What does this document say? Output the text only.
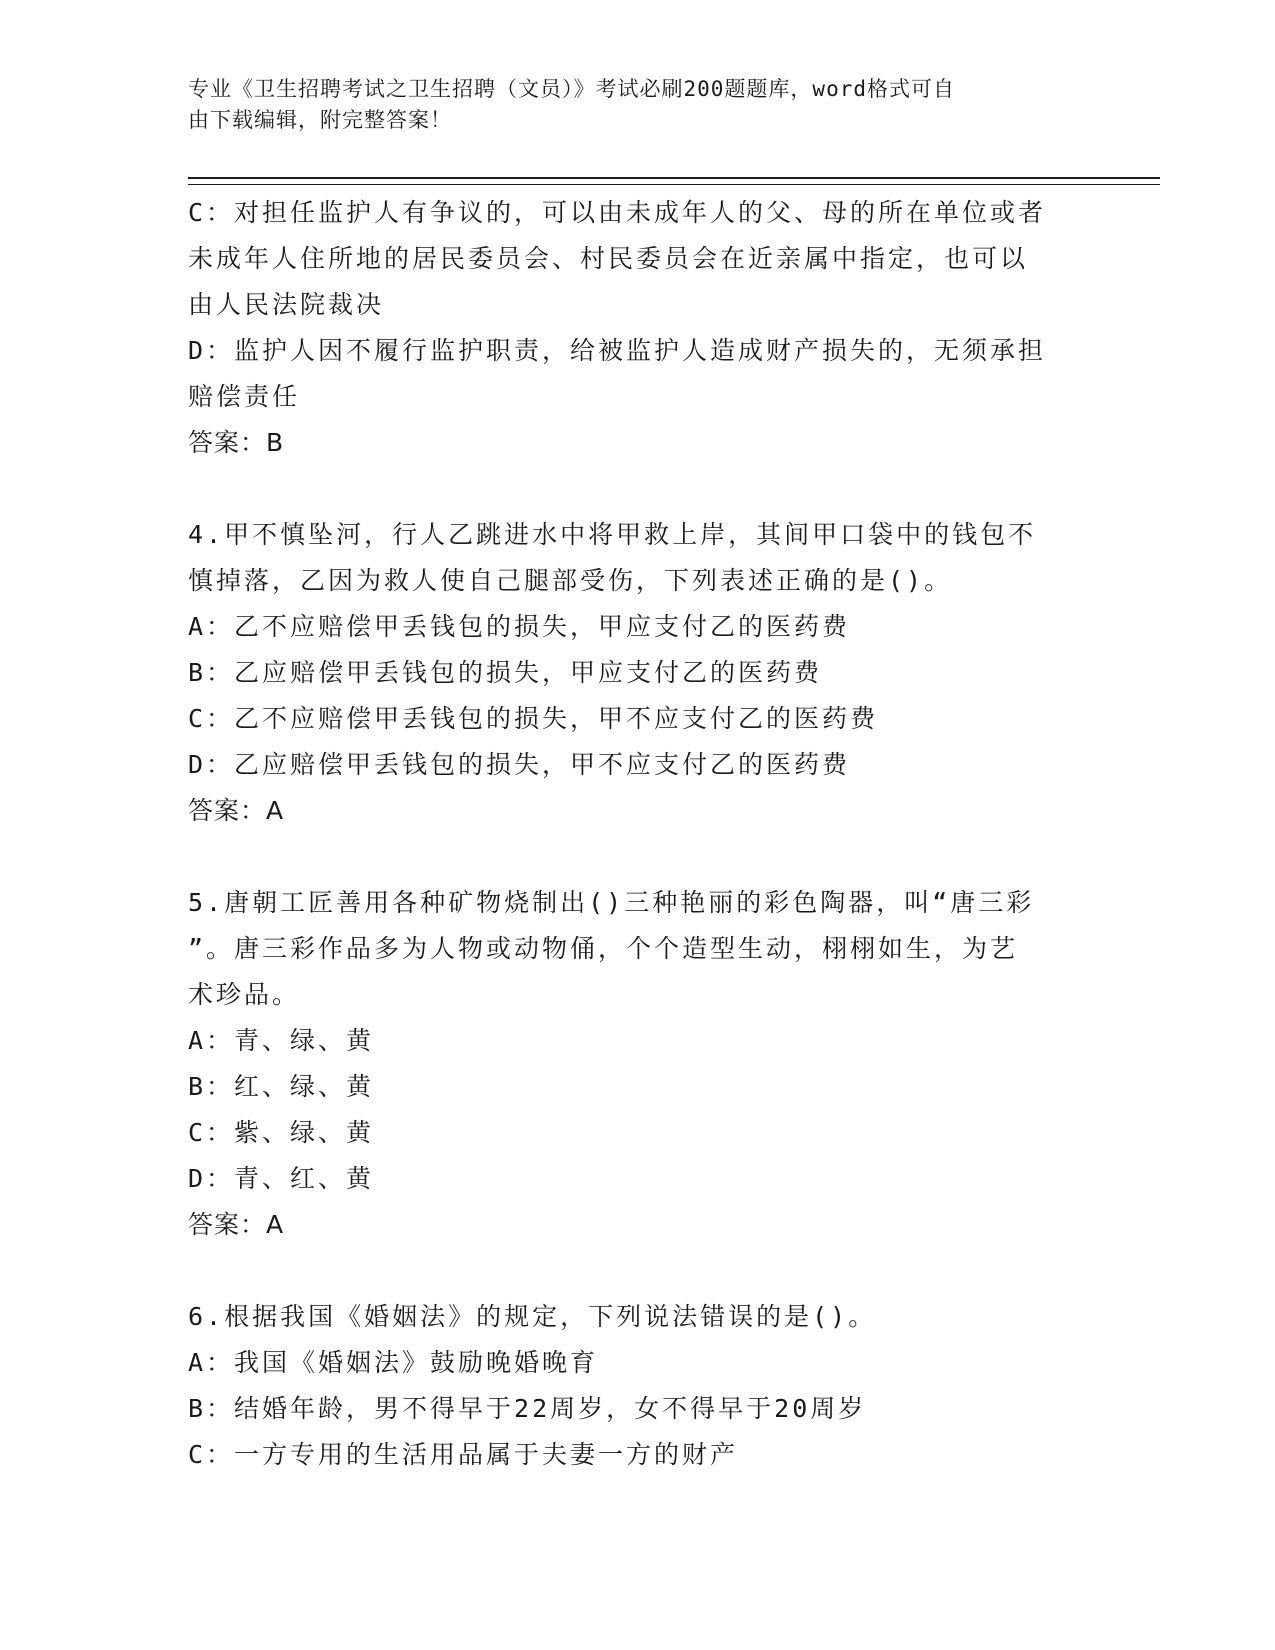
专业《卫生招聘考试之卫生招聘（文员）》考试必刷200题题库，word格式可自
由下载编辑，附完整答案！
C：对担任监护人有争议的，可以由未成年人的父、母的所在单位或者
未成年人住所地的居民委员会、村民委员会在近亲属中指定，也可以
由人民法院裁决
D：监护人因不履行监护职责，给被监护人造成财产损失的，无须承担
赔偿责任
答案：B
4.甲不慎坠河，行人乙跳进水中将甲救上岸，其间甲口袋中的钱包不
慎掉落，乙因为救人使自己腿部受伤，下列表述正确的是()。
A：乙不应赔偿甲丢钱包的损失，甲应支付乙的医药费
B：乙应赔偿甲丢钱包的损失，甲应支付乙的医药费
C：乙不应赔偿甲丢钱包的损失，甲不应支付乙的医药费
D：乙应赔偿甲丢钱包的损失，甲不应支付乙的医药费
答案：A
5.唐朝工匠善用各种矿物烧制出()三种艳丽的彩色陶器，叫“唐三彩
”。唐三彩作品多为人物或动物俑，个个造型生动，栩栩如生，为艺
术珍品。
A：青、绿、黄
B：红、绿、黄
C：紫、绿、黄
D：青、红、黄
答案：A
6.根据我国《婚姻法》的规定，下列说法错误的是()。
A：我国《婚姻法》鼓励晚婚晚育
B：结婚年龄，男不得早于22周岁，女不得早于20周岁
C：一方专用的生活用品属于夫妻一方的财产
